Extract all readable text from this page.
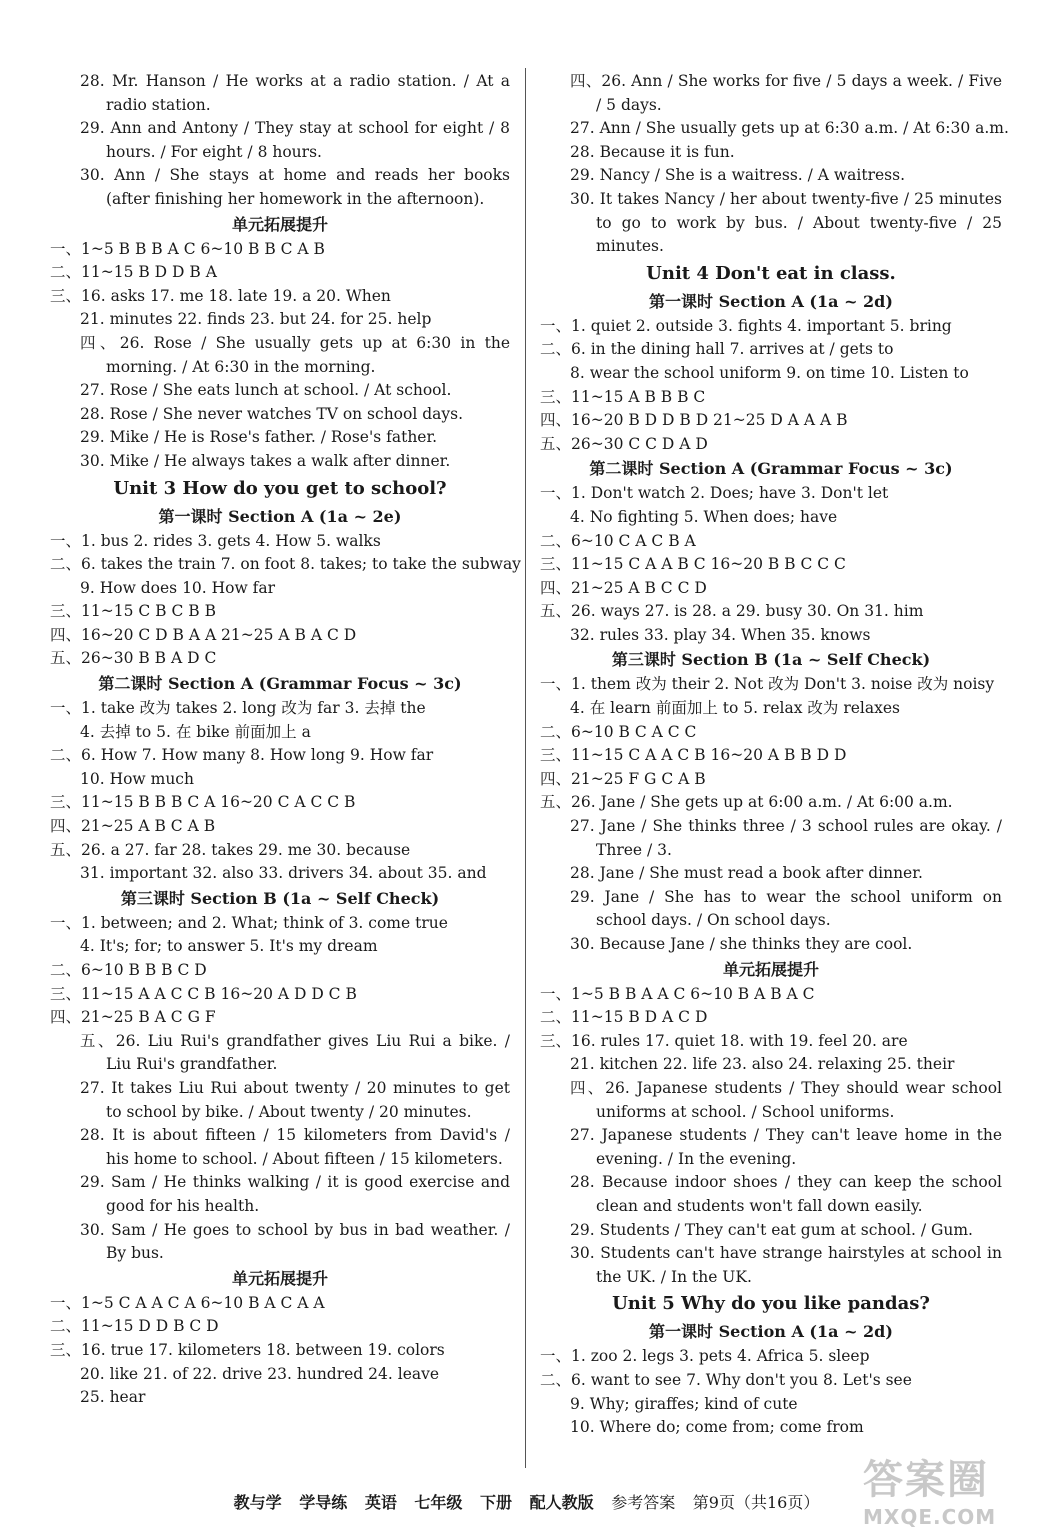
28. Mr. Hanson / He works at a radio station. / At a radio station.
29. Ann and Antony / They stay at school for eight / 8 hours. / For eight / 8 hours.
30. Ann / She stays at home and reads her books (after finishing her homework in the afternoon).
单元拓展提升
一、1~5 B B B A C 6~10 B B C A B
二、11~15 B D D B A
三、16. asks 17. me 18. late 19. a 20. When
21. minutes 22. finds 23. but 24. for 25. help
四、26. Rose / She usually gets up at 6:30 in the morning. / At 6:30 in the morning.
27. Rose / She eats lunch at school. / At school.
28. Rose / She never watches TV on school days.
29. Mike / He is Rose's father. / Rose's father.
30. Mike / He always takes a walk after dinner.
Unit 3 How do you get to school?
第一课时 Section A (1a ~ 2e)
一、1. bus 2. rides 3. gets 4. How 5. walks
二、6. takes the train 7. on foot 8. takes; to take the subway
9. How does 10. How far
三、11~15 C B C B B
四、16~20 C D B A A 21~25 A B A C D
五、26~30 B B A D C
第二课时 Section A (Grammar Focus ~ 3c)
一、1. take 改为 takes 2. long 改为 far 3. 去掉 the
4. 去掉 to 5. 在 bike 前面加上 a
二、6. How 7. How many 8. How long 9. How far
10. How much
三、11~15 B B B C A 16~20 C A C C B
四、21~25 A B C A B
五、26. a 27. far 28. takes 29. me 30. because
31. important 32. also 33. drivers 34. about 35. and
第三课时 Section B (1a ~ Self Check)
一、1. between; and 2. What; think of 3. come true
4. It's; for; to answer 5. It's my dream
二、6~10 B B B C D
三、11~15 A A C C B 16~20 A D D C B
四、21~25 B A C G F
五、26. Liu Rui's grandfather gives Liu Rui a bike. / Liu Rui's grandfather.
27. It takes Liu Rui about twenty / 20 minutes to get to school by bike. / About twenty / 20 minutes.
28. It is about fifteen / 15 kilometers from David's / his home to school. / About fifteen / 15 kilometers.
29. Sam / He thinks walking / it is good exercise and good for his health.
30. Sam / He goes to school by bus in bad weather. / By bus.
单元拓展提升
一、1~5 C A A C A 6~10 B A C A A
二、11~15 D D B C D
三、16. true 17. kilometers 18. between 19. colors
20. like 21. of 22. drive 23. hundred 24. leave
25. hear
四、26. Ann / She works for five / 5 days a week. / Five / 5 days.
27. Ann / She usually gets up at 6:30 a.m. / At 6:30 a.m.
28. Because it is fun.
29. Nancy / She is a waitress. / A waitress.
30. It takes Nancy / her about twenty-five / 25 minutes to go to work by bus. / About twenty-five / 25 minutes.
Unit 4 Don't eat in class.
第一课时 Section A (1a ~ 2d)
一、1. quiet 2. outside 3. fights 4. important 5. bring
二、6. in the dining hall 7. arrives at / gets to
8. wear the school uniform 9. on time 10. Listen to
三、11~15 A B B B C
四、16~20 B D D B D 21~25 D A A A B
五、26~30 C C D A D
第二课时 Section A (Grammar Focus ~ 3c)
一、1. Don't watch 2. Does; have 3. Don't let
4. No fighting 5. When does; have
二、6~10 C A C B A
三、11~15 C A A B C 16~20 B B C C C
四、21~25 A B C C D
五、26. ways 27. is 28. a 29. busy 30. On 31. him
32. rules 33. play 34. When 35. knows
第三课时 Section B (1a ~ Self Check)
一、1. them 改为 their 2. Not 改为 Don't 3. noise 改为 noisy
4. 在 learn 前面加上 to 5. relax 改为 relaxes
二、6~10 B C A C C
三、11~15 C A A C B 16~20 A B B D D
四、21~25 F G C A B
五、26. Jane / She gets up at 6:00 a.m. / At 6:00 a.m.
27. Jane / She thinks three / 3 school rules are okay. / Three / 3.
28. Jane / She must read a book after dinner.
29. Jane / She has to wear the school uniform on school days. / On school days.
30. Because Jane / she thinks they are cool.
单元拓展提升
一、1~5 B B A A C 6~10 B A B A C
二、11~15 B D A C D
三、16. rules 17. quiet 18. with 19. feel 20. are
21. kitchen 22. life 23. also 24. relaxing 25. their
四、26. Japanese students / They should wear school uniforms at school. / School uniforms.
27. Japanese students / They can't leave home in the evening. / In the evening.
28. Because indoor shoes / they can keep the school clean and students won't fall down easily.
29. Students / They can't eat gum at school. / Gum.
30. Students can't have strange hairstyles at school in the UK. / In the UK.
Unit 5 Why do you like pandas?
第一课时 Section A (1a ~ 2d)
一、1. zoo 2. legs 3. pets 4. Africa 5. sleep
二、6. want to see 7. Why don't you 8. Let's see
9. Why; giraffes; kind of cute
10. Where do; come from; come from
教与学 学导练 英语 七年级 下册 配人教版 参考答案 第9页（共16页）	答案圈
MXQE.COM
